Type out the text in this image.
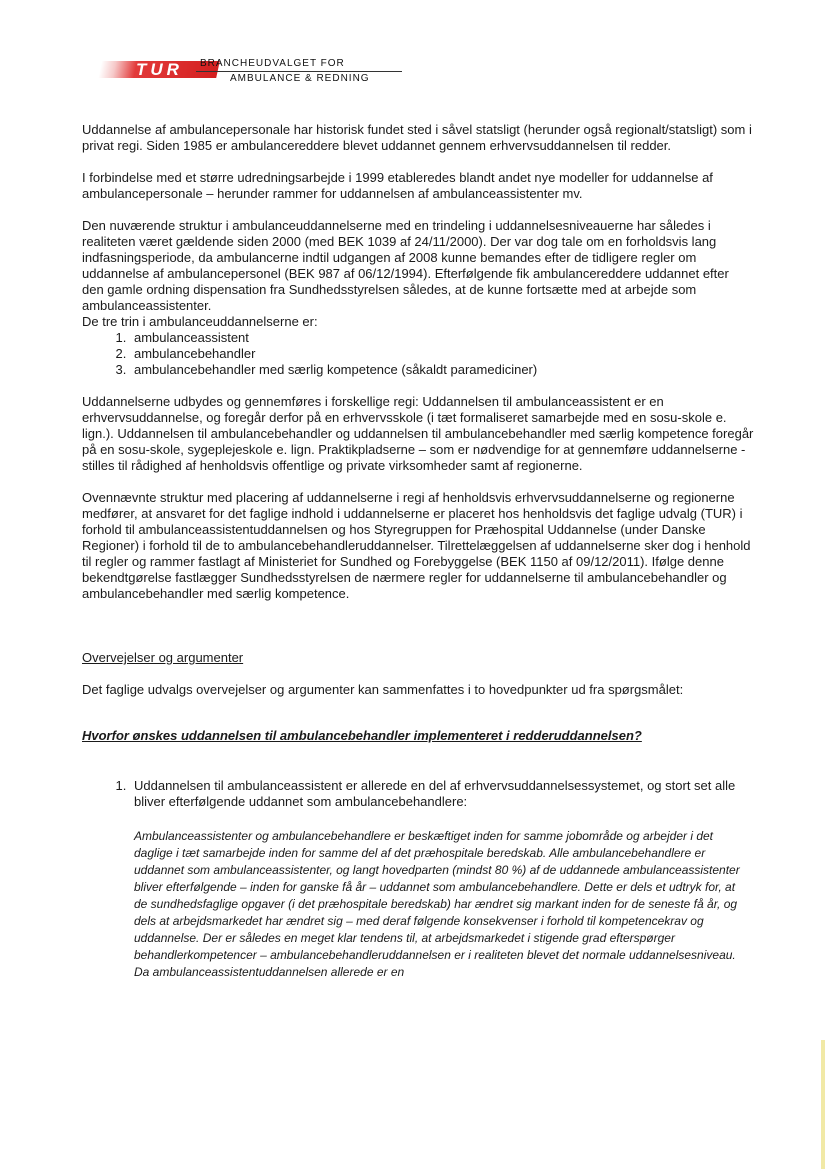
TUR BRANCHEUDVALGET FOR
AMBULANCE & REDNING

Uddannelse af ambulancepersonale har historisk fundet sted i såvel statsligt (herunder også regionalt/statsligt) som i privat regi. Siden 1985 er ambulancereddere blevet uddannet gennem erhvervsuddannelsen til redder.

I forbindelse med et større udredningsarbejde i 1999 etableredes blandt andet nye modeller for uddannelse af ambulancepersonale – herunder rammer for uddannelsen af ambulanceassistenter mv.

Den nuværende struktur i ambulanceuddannelserne med en trindeling i uddannelsesniveauerne har således i realiteten været gældende siden 2000 (med BEK 1039 af 24/11/2000). Der var dog tale om en forholdsvis lang indfasningsperiode, da ambulancerne indtil udgangen af 2008 kunne bemandes efter de tidligere regler om uddannelse af ambulancepersonel (BEK 987 af 06/12/1994). Efterfølgende fik ambulancereddere uddannet efter den gamle ordning dispensation fra Sundhedsstyrelsen således, at de kunne fortsætte med at arbejde som ambulanceassistenter.

De tre trin i ambulanceuddannelserne er:

1. ambulanceassistent
2. ambulancebehandler
3. ambulancebehandler med særlig kompetence (såkaldt paramediciner)

Uddannelserne udbydes og gennemføres i forskellige regi: Uddannelsen til ambulanceassistent er en erhvervsuddannelse, og foregår derfor på en erhvervsskole (i tæt formaliseret samarbejde med en sosu-skole e. lign.). Uddannelsen til ambulancebehandler og uddannelsen til ambulancebehandler med særlig kompetence foregår på en sosu-skole, sygeplejeskole e. lign. Praktikpladserne – som er nødvendige for at gennemføre uddannelserne - stilles til rådighed af henholdsvis offentlige og private virksomheder samt af regionerne.

Ovennævnte struktur med placering af uddannelserne i regi af henholdsvis erhvervsuddannelserne og regionerne medfører, at ansvaret for det faglige indhold i uddannelserne er placeret hos henholdsvis det faglige udvalg (TUR) i forhold til ambulanceassistentuddannelsen og hos Styregruppen for Præhospital Uddannelse (under Danske Regioner) i forhold til de to ambulancebehandleruddannelser. Tilrettelæggelsen af uddannelserne sker dog i henhold til regler og rammer fastlagt af Ministeriet for Sundhed og Forebyggelse (BEK 1150 af 09/12/2011). Ifølge denne bekendtgørelse fastlægger Sundhedsstyrelsen de nærmere regler for uddannelserne til ambulancebehandler og ambulancebehandler med særlig kompetence.

Overvejelser og argumenter

Det faglige udvalgs overvejelser og argumenter kan sammenfattes i to hovedpunkter ud fra spørgsmålet:

Hvorfor ønskes uddannelsen til ambulancebehandler implementeret i redderuddannelsen?

1. Uddannelsen til ambulanceassistent er allerede en del af erhvervsuddannelsessystemet, og stort set alle bliver efterfølgende uddannet som ambulancebehandlere:

Ambulanceassistenter og ambulancebehandlere er beskæftiget inden for samme jobområde og arbejder i det daglige i tæt samarbejde inden for samme del af det præhospitale beredskab. Alle ambulancebehandlere er uddannet som ambulanceassistenter, og langt hovedparten (mindst 80 %) af de uddannede ambulanceassistenter bliver efterfølgende – inden for ganske få år – uddannet som ambulancebehandlere. Dette er dels et udtryk for, at de sundhedsfaglige opgaver (i det præhospitale beredskab) har ændret sig markant inden for de seneste få år, og dels at arbejdsmarkedet har ændret sig – med deraf følgende konsekvenser i forhold til kompetencekrav og uddannelse. Der er således en meget klar tendens til, at arbejdsmarkedet i stigende grad efterspørger behandlerkompetencer – ambulancebehandleruddannelsen er i realiteten blevet det normale uddannelsesniveau. Da ambulanceassistentuddannelsen allerede er en
